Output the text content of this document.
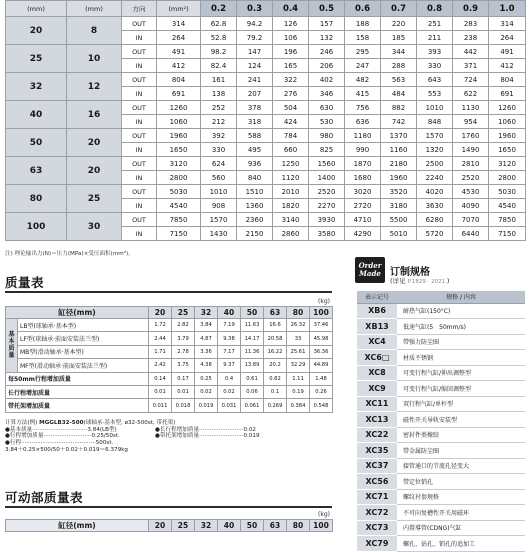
(mm)	(mm)	方向	(mm²)	0.2	0.3	0.4	0.5	0.6	0.7	0.8	0.9	1.0
20	8	OUT	314	62.8	94.2	126	157	188	220	251	283	314
		IN	264	52.8	79.2	106	132	158	185	211	238	264
25	10	OUT	491	98.2	147	196	246	295	344	393	442	491
		IN	412	82.4	124	165	206	247	288	330	371	412
32	12	OUT	804	161	241	322	402	482	563	643	724	804
		IN	691	138	207	276	346	415	484	553	622	691
40	16	OUT	1260	252	378	504	630	756	882	1010	1130	1260
		IN	1060	212	318	424	530	636	742	848	954	1060
50	20	OUT	1960	392	588	784	980	1180	1370	1570	1760	1960
		IN	1650	330	495	660	825	990	1160	1320	1490	1650
63	20	OUT	3120	624	936	1250	1560	1870	2180	2500	2810	3120
		IN	2800	560	840	1120	1400	1680	1960	2240	2520	2800
80	25	OUT	5030	1010	1510	2010	2520	3020	3520	4020	4530	5030
		IN	4540	908	1360	1820	2270	2720	3180	3630	4090	4540
100	30	OUT	7850	1570	2360	3140	3930	4710	5500	6280	7070	7850
		IN	7150	1430	2150	2860	3580	4290	5010	5720	6440	7150
注) 理论输出力(N)＝压力(MPa)×受压面积(mm²)。
质量表
(kg)
缸径(mm)		20	25	32	40	50	63	80	100

基
本
质
量	LB型(球轴承·基本型)	1.72	2.82	3.84	7.19	11.63	16.6	26.32	37.46
	LF型(球轴承·前面安装法兰型)	2.44	3.79	4.87	9.38	14.17	20.58	33	45.98
	MB型(滑动轴承·基本型)	1.71	2.78	3.36	7.17	11.36	16.22	25.61	36.36
	MF型(滑动轴承·前面安装法兰型)	2.42	3.75	4.38	9.37	13.89	20.2	32.29	44.89
每50mm行程增加质量		0.14	0.17	0.25	0.4	0.61	0.82	1.11	1.48
长行程增加质量		0.01	0.01	0.02	0.02	0.06	0.1	0.19	0.26
带托架增加质量		0.011	0.018	0.019	0.031	0.061	0.269	0.384	0.548
计算方法(例) MGGLB32-500(球轴承·基本型, ø32-500st, 带托架)
●基本质量·······························3.84(LB型)	●长行程增加质量·························0.02
●行程增加质量···························0.25/50st.	●带托架增加质量·························0.019
●行程··········································500st.
3.84＋0.25×500/50＋0.02＋0.019＝6.379kg
可动部质量表
(kg)
缸径(mm)	20	25	32	40	50	63	80	100
Order
Made 订制规格
(详见 P.1829 · 2021.)
表示记号	规格 / 内容
XB6	耐热气缸(150°C)
XB13	低速气缸(5　50mm/s)
XC4	带强力防尘圈
XC6□	材质不锈钢
XC8	可变行程气缸/伸出调整型
XC9	可变行程气缸/缩回调整型
XC11	双行程气缸/单杆型
XC13	磁性开关导轨安装型
XC22	密封件类橡胶
XC35	带金属防尘圈
XC37	接管通口的节流孔径变大
XC56	带定位销孔
XC71	螺纹衬套规格
XC72	不可向复槽性开关用磁环
XC73	内置導管(CDNG)气缸
XC79	螺孔、钻孔、销孔的追加工
